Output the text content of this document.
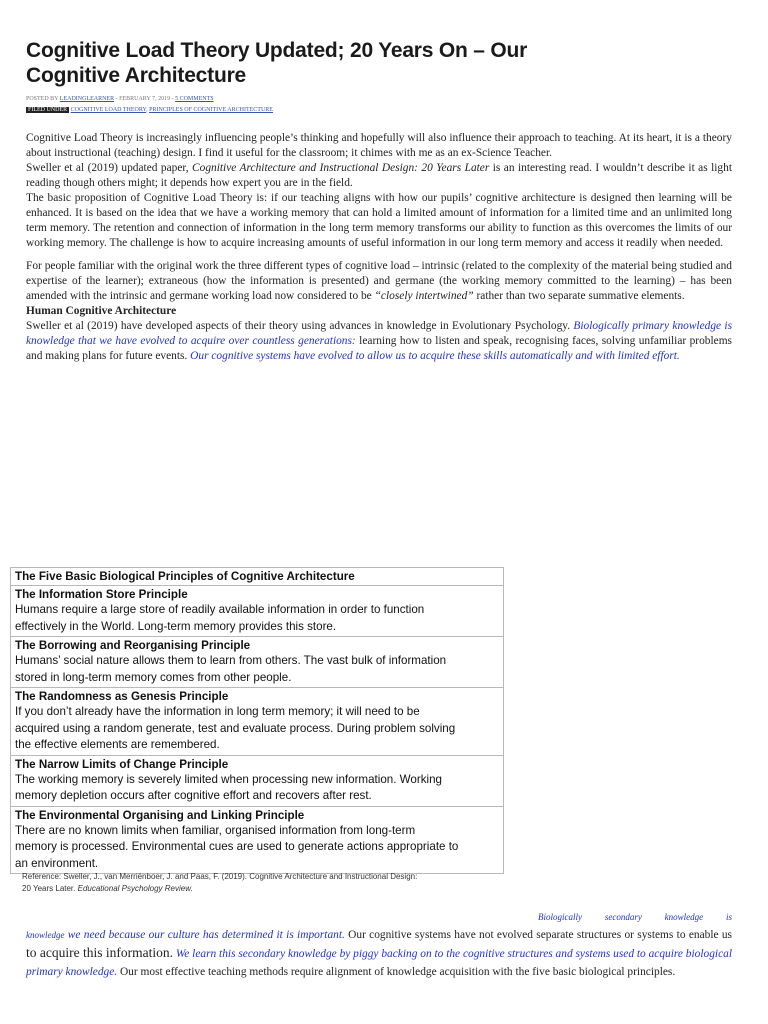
Cognitive Load Theory Updated; 20 Years On – Our Cognitive Architecture
POSTED BY LEADINGLEARNER - FEBRUARY 7, 2019 - 5 COMMENTS
FILED UNDER COGNITIVE LOAD THEORY, PRINCIPLES OF COGNITIVE ARCHITECTURE

Cognitive Load Theory is increasingly influencing people’s thinking and hopefully will also influence their approach to teaching. At its heart, it is a theory about instructional (teaching) design. I find it useful for the classroom; it chimes with me as an ex-Science Teacher.

Sweller et al (2019) updated paper, Cognitive Architecture and Instructional Design: 20 Years Later is an interesting read. I wouldn’t describe it as light reading though others might; it depends how expert you are in the field.

The basic proposition of Cognitive Load Theory is: if our teaching aligns with how our pupils’ cognitive architecture is designed then learning will be enhanced. It is based on the idea that we have a working memory that can hold a limited amount of information for a limited time and an unlimited long term memory. The retention and connection of information in the long term memory transforms our ability to function as this overcomes the limits of our working memory. The challenge is how to acquire increasing amounts of useful information in our long term memory and access it readily when needed.

For people familiar with the original work the three different types of cognitive load – intrinsic (related to the complexity of the material being studied and expertise of the learner); extraneous (how the information is presented) and germane (the working memory committed to the learning) – has been amended with the intrinsic and germane working load now considered to be “closely intertwined” rather than two separate summative elements.

Human Cognitive Architecture

Sweller et al (2019) have developed aspects of their theory using advances in knowledge in Evolutionary Psychology. Biologically primary knowledge is knowledge that we have evolved to acquire over countless generations: learning how to listen and speak, recognising faces, solving unfamiliar problems and making plans for future events. Our cognitive systems have evolved to allow us to acquire these skills automatically and with limited effort.

The Five Basic Biological Principles of Cognitive Architecture
The Information Store Principle
Humans require a large store of readily available information in order to function
effectively in the World. Long-term memory provides this store.
The Borrowing and Reorganising Principle
Humans’ social nature allows them to learn from others. The vast bulk of information
stored in long-term memory comes from other people.
The Randomness as Genesis Principle
If you don’t already have the information in long term memory; it will need to be
acquired using a random generate, test and evaluate process. During problem solving
the effective elements are remembered.
The Narrow Limits of Change Principle
The working memory is severely limited when processing new information. Working
memory depletion occurs after cognitive effort and recovers after rest.
The Environmental Organising and Linking Principle
There are no known limits when familiar, organised information from long-term
memory is processed. Environmental cues are used to generate actions appropriate to
an environment.
Reference: Sweller, J., van Merriënboer, J. and Paas, F. (2019). Cognitive Architecture and Instructional Design:
20 Years Later. Educational Psychology Review.

Biologically secondary knowledge is

knowledge we need because our culture has determined it is important. Our cognitive systems have not evolved separate structures or systems to enable us to acquire this information. We learn this secondary knowledge by piggy backing on to the cognitive structures and systems used to acquire biological primary knowledge. Our most effective teaching methods require alignment of knowledge acquisition with the five basic biological principles.
